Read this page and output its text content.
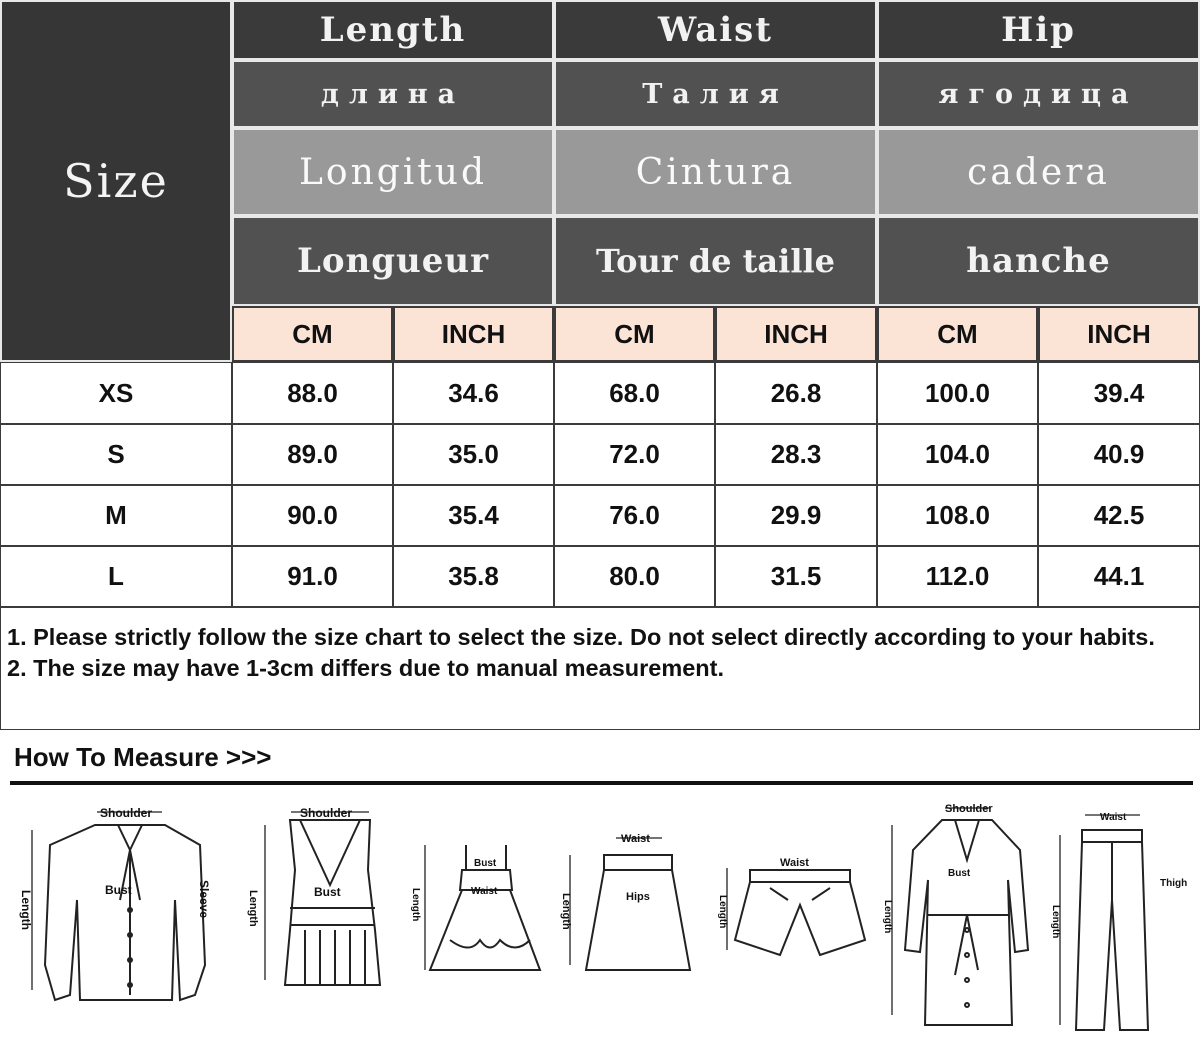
Size
Length
длина
Longitud
Longueur
Waist
Талия
Cintura
Tour de taille
Hip
ягодица
cadera
hanche
CM	INCH	CM	INCH	CM	INCH
XS	88.0	34.6	68.0	26.8	100.0	39.4
S	89.0	35.0	72.0	28.3	104.0	40.9
M	90.0	35.4	76.0	29.9	108.0	42.5
L	91.0	35.8	80.0	31.5	112.0	44.1
1. Please strictly follow the size chart to select the size. Do not select directly according to your habits.
2. The size may have 1-3cm differs due to manual measurement.
How To Measure >>>
Shoulder	Shoulder	Shoulder
Bust	Bust
Bust
Bust
Waist
Waist
Waist
Waist
Hips
Thigh
Sleeve
Length	Length	Length	Length	Length	Length	Length
